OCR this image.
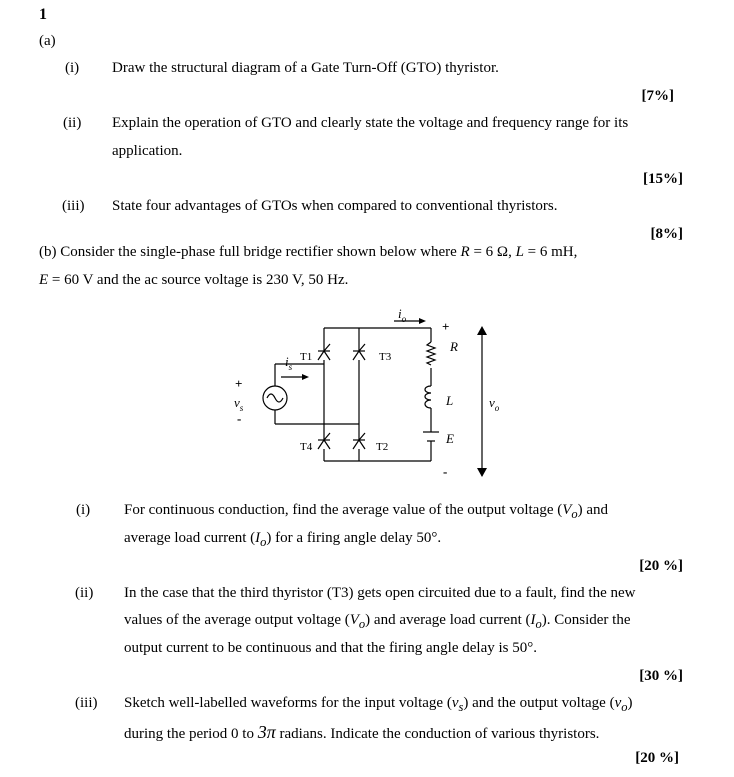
1
(a)
(i) Draw the structural diagram of a Gate Turn-Off (GTO) thyristor.
[7%]
(ii) Explain the operation of GTO and clearly state the voltage and frequency range for its
application.
[15%]
(iii) State four advantages of GTOs when compared to conventional thyristors.
[8%]
(b) Consider the single-phase full bridge rectifier shown below where R = 6 Ω, L = 6 mH,
E = 60 V and the ac source voltage is 230 V, 50 Hz.
T1	T3
T4	T2
$i_o$
$i_s$
$v_s$
R
L
E
$v_o$
+
-
+
-
(i) For continuous conduction, find the average value of the output voltage $(V_o)$ and
average load current $(I_o)$ for a firing angle delay 50°.
[20 %]
(ii) In the case that the third thyristor (T3) gets open circuited due to a fault, find the new
values of the average output voltage $(V_o)$ and average load current $(I_o)$. Consider the
output current to be continuous and that the firing angle delay is 50°.
[30 %]
(iii) Sketch well-labelled waveforms for the input voltage $(v_s)$ and the output voltage $(v_o)$
during the period 0 to 3π radians. Indicate the conduction of various thyristors.
[20 %]
